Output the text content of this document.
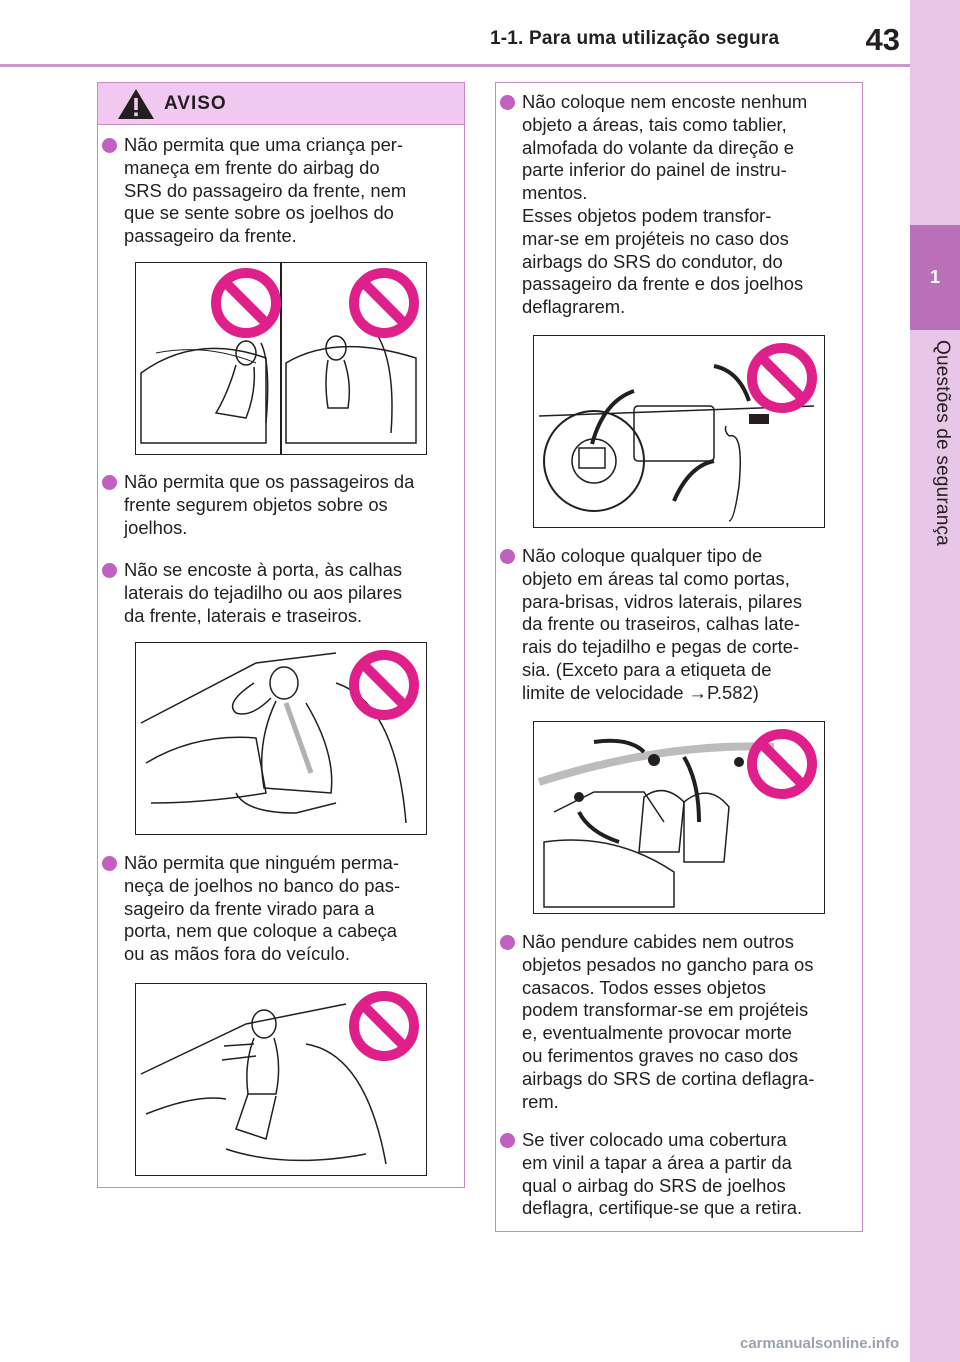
1-1. Para uma utilização segura	43
1
Questões de segurança
AVISO
Não permita que uma criança per-
maneça em frente do airbag do
SRS do passageiro da frente, nem
que se sente sobre os joelhos do
passageiro da frente.
Não permita que os passageiros da
frente segurem objetos sobre os
joelhos.
Não se encoste à porta, às calhas
laterais do tejadilho ou aos pilares
da frente, laterais e traseiros.
Não permita que ninguém perma-
neça de joelhos no banco do pas-
sageiro da frente virado para a
porta, nem que coloque a cabeça
ou as mãos fora do veículo.
Não coloque nem encoste nenhum
objeto a áreas, tais como tablier,
almofada do volante da direção e
parte inferior do painel de instru-
mentos.
Esses objetos podem transfor-
mar-se em projéteis no caso dos
airbags do SRS do condutor, do
passageiro da frente e dos joelhos
deflagrarem.
Não coloque qualquer tipo de
objeto em áreas tal como portas,
para-brisas, vidros laterais, pilares
da frente ou traseiros, calhas late-
rais do tejadilho e pegas de corte-
sia. (Exceto para a etiqueta de
limite de velocidade →P.582)
Não pendure cabides nem outros
objetos pesados no gancho para os
casacos. Todos esses objetos
podem transformar-se em projéteis
e, eventualmente provocar morte
ou ferimentos graves no caso dos
airbags do SRS de cortina deflagra-
rem.
Se tiver colocado uma cobertura
em vinil a tapar a área a partir da
qual o airbag do SRS de joelhos
deflagra, certifique-se que a retira.
carmanualsonline.info
